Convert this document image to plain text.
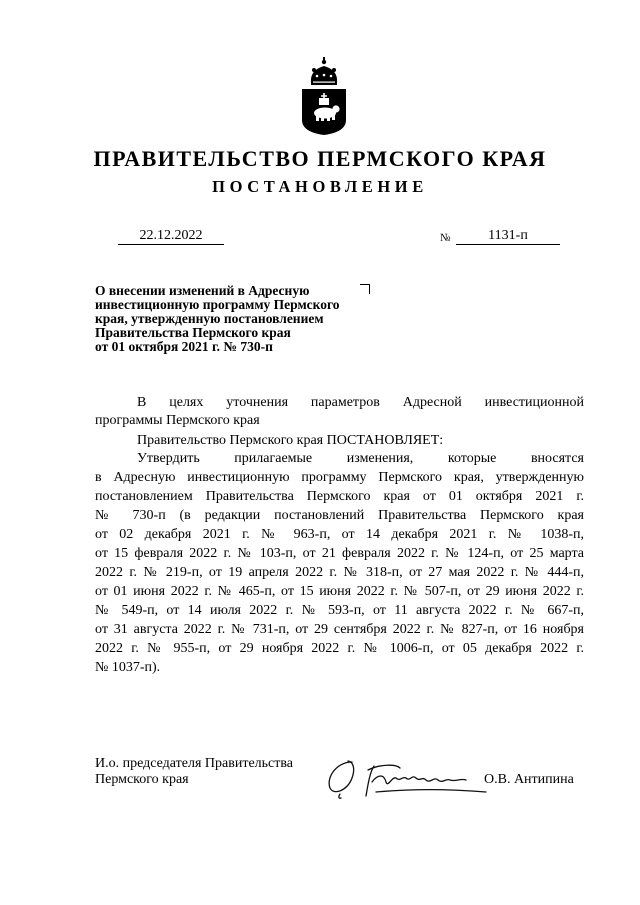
ПРАВИТЕЛЬСТВО ПЕРМСКОГО КРАЯ
ПОСТАНОВЛЕНИЕ
22.12.2022	№	1131-п
О внесении изменений в Адресную
инвестиционную программу Пермского
края, утвержденную постановлением
Правительства Пермского края
от 01 октября 2021 г. № 730-п
В целях уточнения параметров Адресной инвестиционной
программы Пермского края
Правительство Пермского края ПОСТАНОВЛЯЕТ:
Утвердить прилагаемые изменения, которые вносятся
в Адресную инвестиционную программу Пермского края, утвержденную
постановлением Правительства Пермского края от 01 октября 2021 г.
№ 730-п (в редакции постановлений Правительства Пермского края
от 02 декабря 2021 г. № 963-п, от 14 декабря 2021 г. № 1038-п,
от 15 февраля 2022 г. № 103-п, от 21 февраля 2022 г. № 124-п, от 25 марта
2022 г. № 219-п, от 19 апреля 2022 г. № 318-п, от 27 мая 2022 г. № 444-п,
от 01 июня 2022 г. № 465-п, от 15 июня 2022 г. № 507-п, от 29 июня 2022 г.
№ 549-п, от 14 июля 2022 г. № 593-п, от 11 августа 2022 г. № 667-п,
от 31 августа 2022 г. № 731-п, от 29 сентября 2022 г. № 827-п, от 16 ноября
2022 г. № 955-п, от 29 ноября 2022 г. № 1006-п, от 05 декабря 2022 г.
№ 1037-п).
И.о. председателя Правительства
Пермского края	О.В. Антипина
